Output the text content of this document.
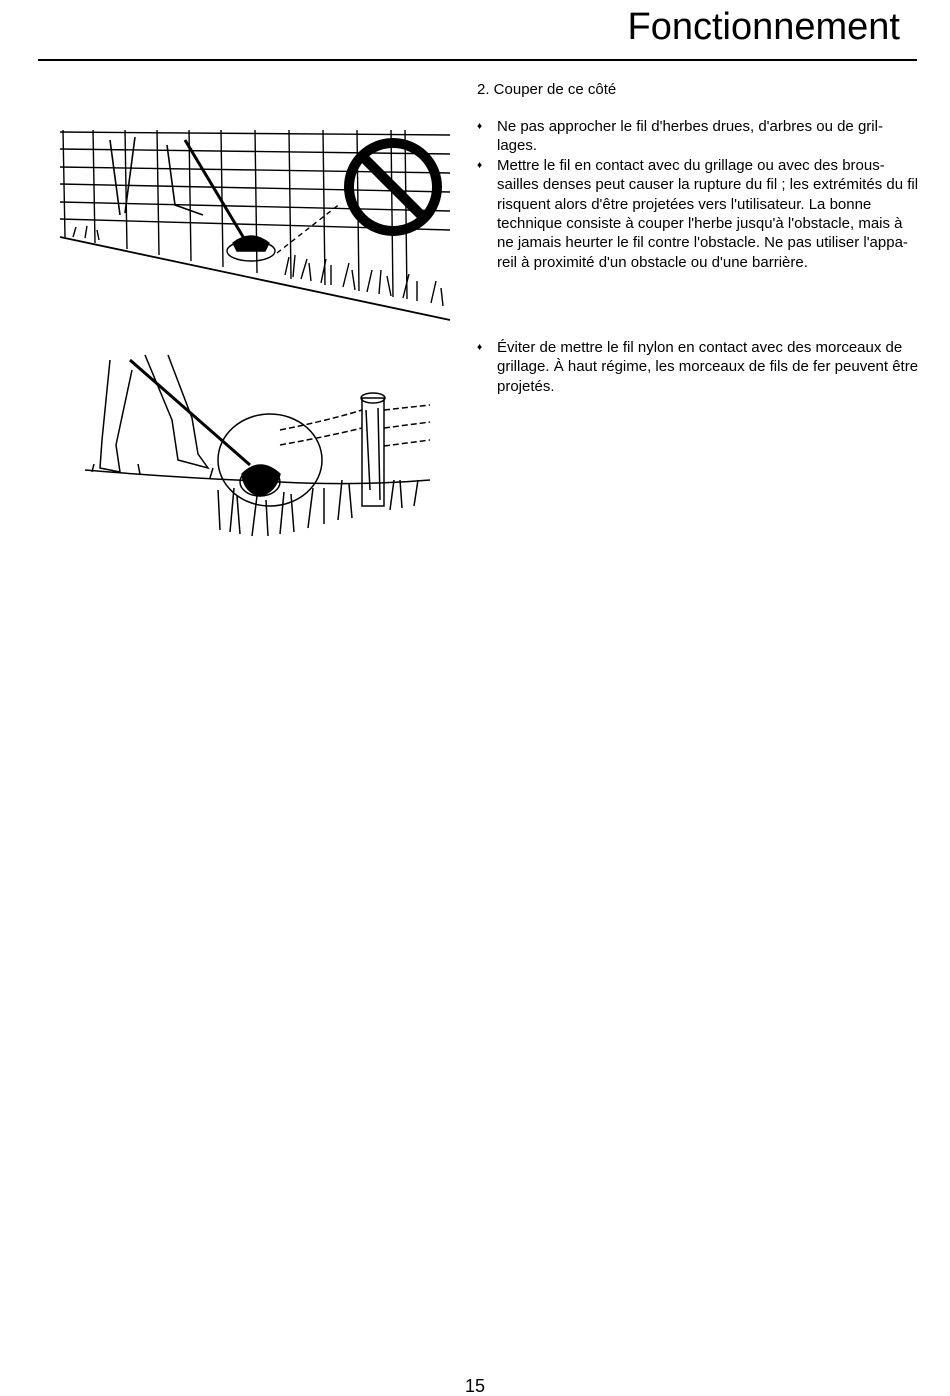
Fonctionnement
2. Couper de ce côté
♦ Ne pas approcher le fil d'herbes drues, d'arbres ou de gril-lages.
♦ Mettre le fil en contact avec du grillage ou avec des brous-sailles denses peut causer la rupture du fil ; les extrémités du fil risquent alors d'être projetées vers l'utilisateur. La bonne technique consiste à couper l'herbe jusqu'à l'obstacle, mais à ne jamais heurter le fil contre l'obstacle. Ne pas utiliser l'appa-reil à proximité d'un obstacle ou d'une barrière.
♦ Éviter de mettre le fil nylon en contact avec des morceaux de grillage. À haut régime, les morceaux de fils de fer peuvent être projetés.
15
